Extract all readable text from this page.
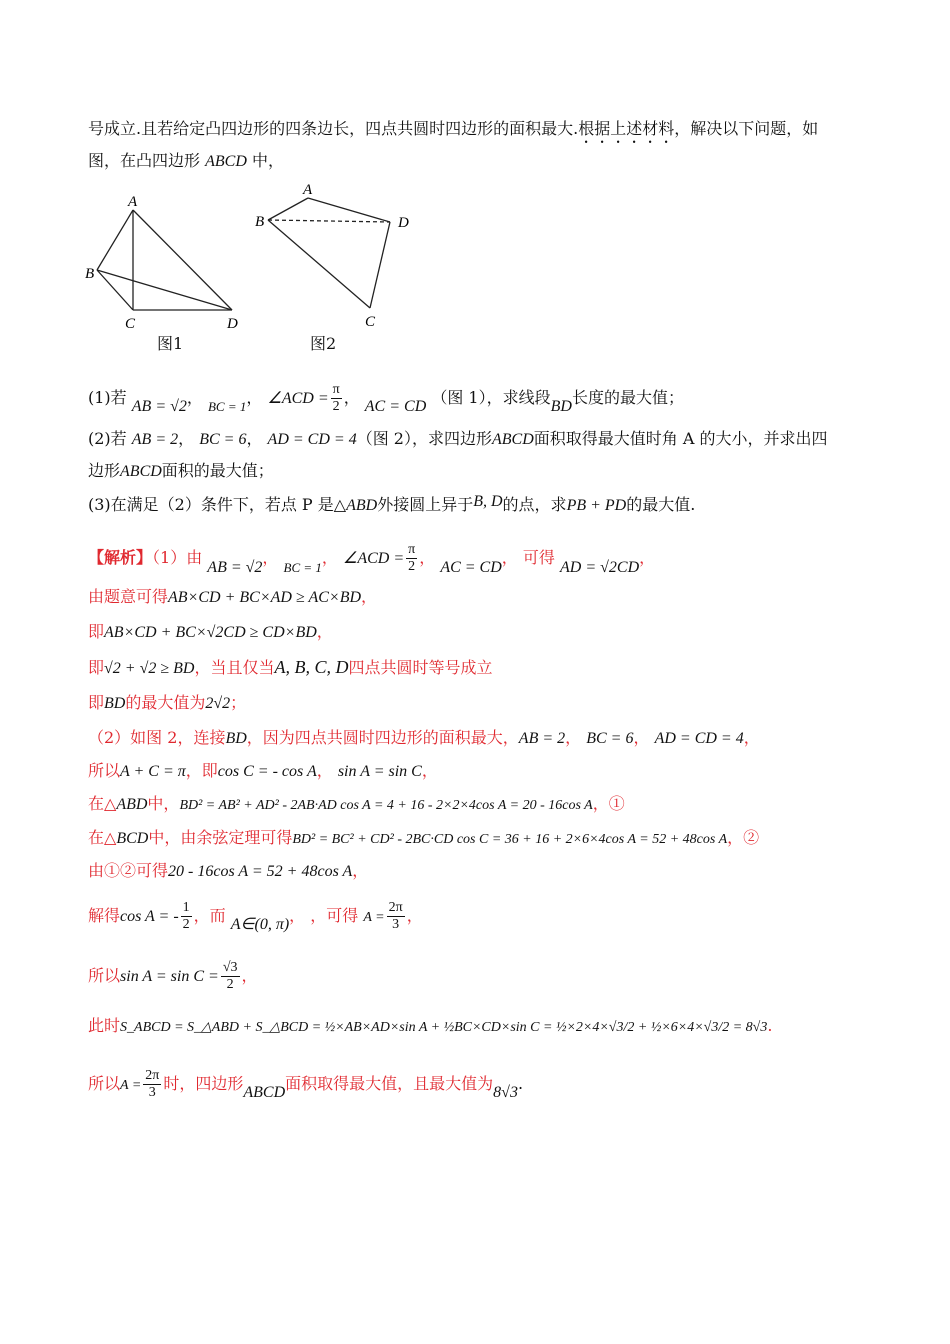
号成立.且若给定凸四边形的四条边长，四点共圆时四边形的面积最大.根据上述材料，解决以下问题，如
图，在凸四边形 ABCD 中，
A
B
C	D
图1
A
B
C
D
图2
(1)若 AB = √2， $_{BC = 1}$， ∠ACD = $\frac{\pi}{2}$ ， AC = CD （图 1），求线段BD长度的最大值；
(2)若 AB = 2， BC = 6， AD = CD = 4（图 2），求四边形ABCD面积取得最大值时角 A 的大小，并求出四
边形ABCD面积的最大值；
(3)在满足（2）条件下，若点 P 是△ABD外接圆上异于B, D的点，求PB + PD的最大值.
【解析】（1）由 AB = √2， $_{BC = 1}$， ∠ACD = $\frac{\pi}{2}$ ， AC = CD， 可得 AD = √2CD，
由题意可得AB×CD + BC×AD ≥ AC×BD，
即AB×CD + BC×√2CD ≥ CD×BD，
即√2 + √2 ≥ BD，当且仅当A, B, C, D四点共圆时等号成立
即BD的最大值为2√2；
（2）如图 2，连接BD，因为四点共圆时四边形的面积最大，AB = 2， BC = 6， AD = CD = 4，
所以A + C = π，即cos C = - cos A， sin A = sin C，
在△ABD中，BD² = AB² + AD² - 2AB·AD cos A = 4 + 16 - 2×2×4cos A = 20 - 16cos A，①
在△BCD中，由余弦定理可得BD² = BC² + CD² - 2BC·CD cos C = 36 + 16 + 2×6×4cos A = 52 + 48cos A，②
由①②可得20 - 16cos A = 52 + 48cos A，
解得cos A = - $\frac{1}{2}$ ，而 A∈(0, π)， ，可得 $A = \frac{2\pi}{3}$ ，
所以$\sin A = \sin C = \frac{√3}{2}$ ，
此时S_ABCD = S_△ABD + S_△BCD = ½×AB×AD×sin A + ½BC×CD×sin C = ½×2×4×√3/2 + ½×6×4×√3/2 = 8√3.
所以$A = \frac{2\pi}{3}$ 时，四边形ABCD面积取得最大值，且最大值为8√3.
